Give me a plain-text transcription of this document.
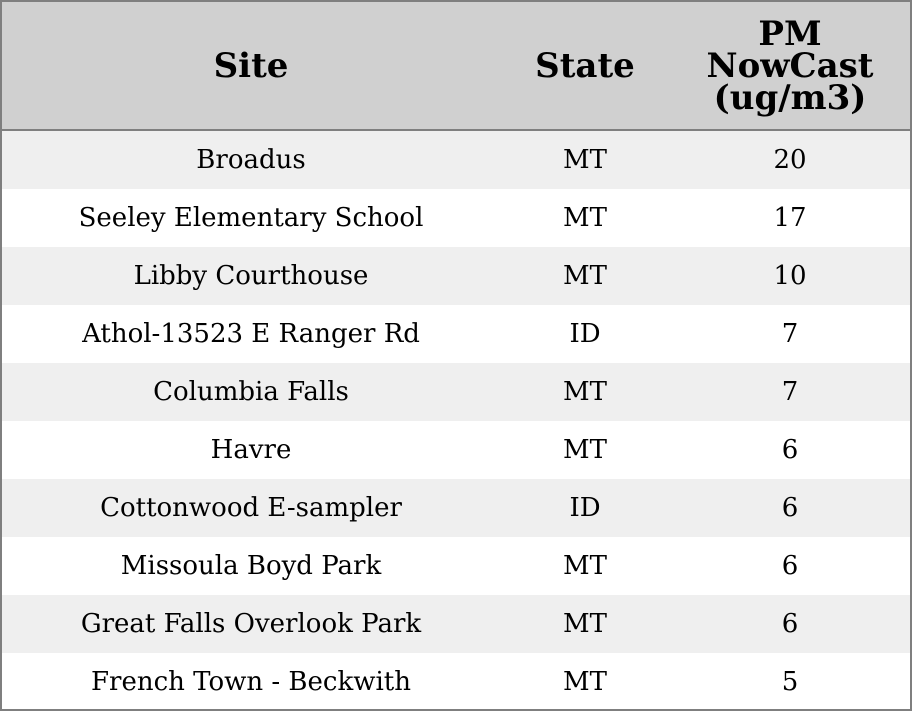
Site	State	PM
NowCast
(ug/m3)

Broadus	MT	20
Seeley Elementary School	MT	17
Libby Courthouse	MT	10
Athol-13523 E Ranger Rd	ID	7
Columbia Falls	MT	7
Havre	MT	6
Cottonwood E-sampler	ID	6
Missoula Boyd Park	MT	6
Great Falls Overlook Park	MT	6
French Town - Beckwith	MT	5
